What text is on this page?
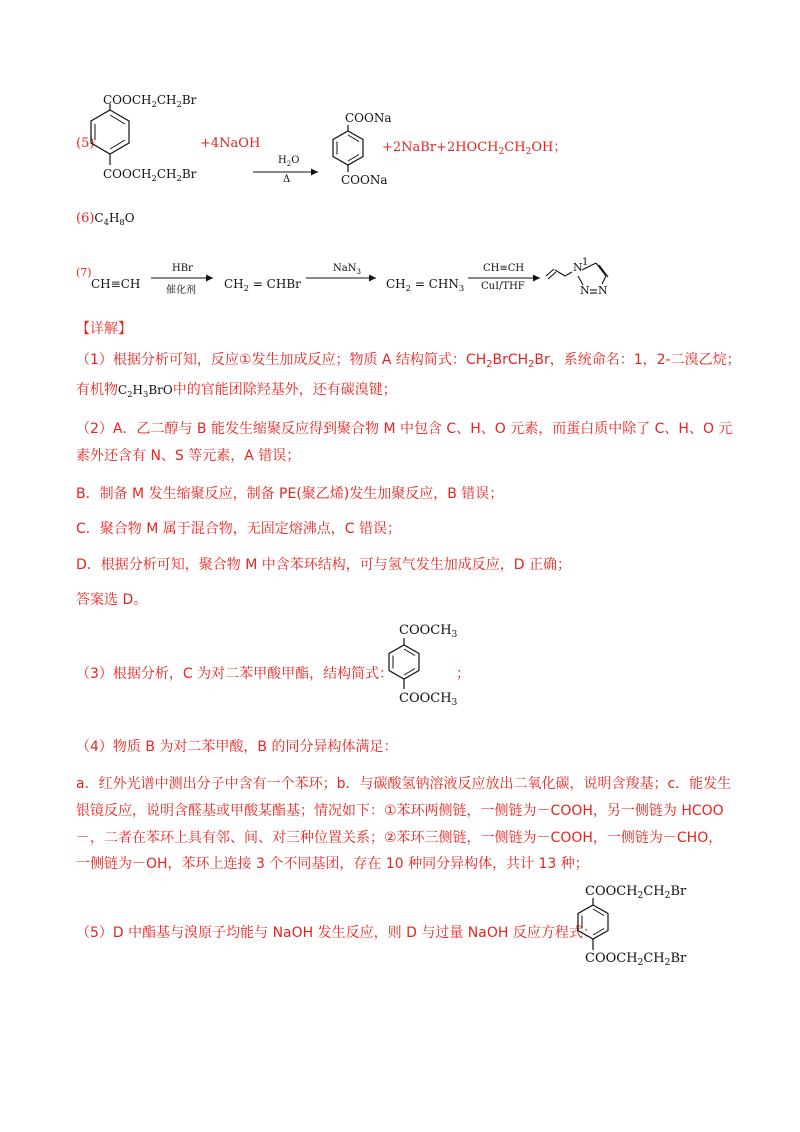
(5)
$COOCH_2CH_2Br$
$COOCH_2CH_2Br$
+4NaOH
$H_2O$
Δ
COONa
COONa
$+2NaBr+2HOCH_2CH_2OH$；
$(6)C_4H_8O$
(7)
CH≡CH
HBr
催化剂 $CH_2$ = CHBr
NaN$_3$
$CH_2 = CHN_3$
CH≡CH
CuI/THF
N 1
N N
【详解】
（1）根据分析可知，反应①发生加成反应；物质 A 结构简式：$CH_2BrCH_2Br$，系统命名：1，2-二溴乙烷；
有机物$C_2H_3BrO$中的官能团除羟基外，还有碳溴键；
（2）A．乙二醇与 B 能发生缩聚反应得到聚合物 M 中包含 C、H、O 元素，而蛋白质中除了 C、H、O 元
素外还含有 N、S 等元素，A 错误；
B．制备 M 发生缩聚反应，制备 PE(聚乙烯)发生加聚反应，B 错误；
C．聚合物 M 属于混合物，无固定熔沸点，C 错误；
D．根据分析可知，聚合物 M 中含苯环结构，可与氢气发生加成反应，D 正确；
答案选 D。
（3）根据分析，C 为对二苯甲酸甲酯，结构简式：
$COOCH_3$
$COOCH_3$
；
（4）物质 B 为对二苯甲酸，B 的同分异构体满足：
a．红外光谱中测出分子中含有一个苯环；b．与碳酸氢钠溶液反应放出二氧化碳，说明含羧基；c．能发生
银镜反应，说明含醛基或甲酸某酯基；情况如下：①苯环两侧链，一侧链为－COOH，另一侧链为 HCOO
－，二者在苯环上具有邻、间、对三种位置关系；②苯环三侧链，一侧链为－COOH，一侧链为－CHO，
一侧链为－OH，苯环上连接 3 个不同基团，存在 10 种同分异构体，共计 13 种；
（5）D 中酯基与溴原子均能与 NaOH 发生反应，则 D 与过量 NaOH 反应方程式：
$COOCH_2CH_2Br$
$COOCH_2CH_2Br$
